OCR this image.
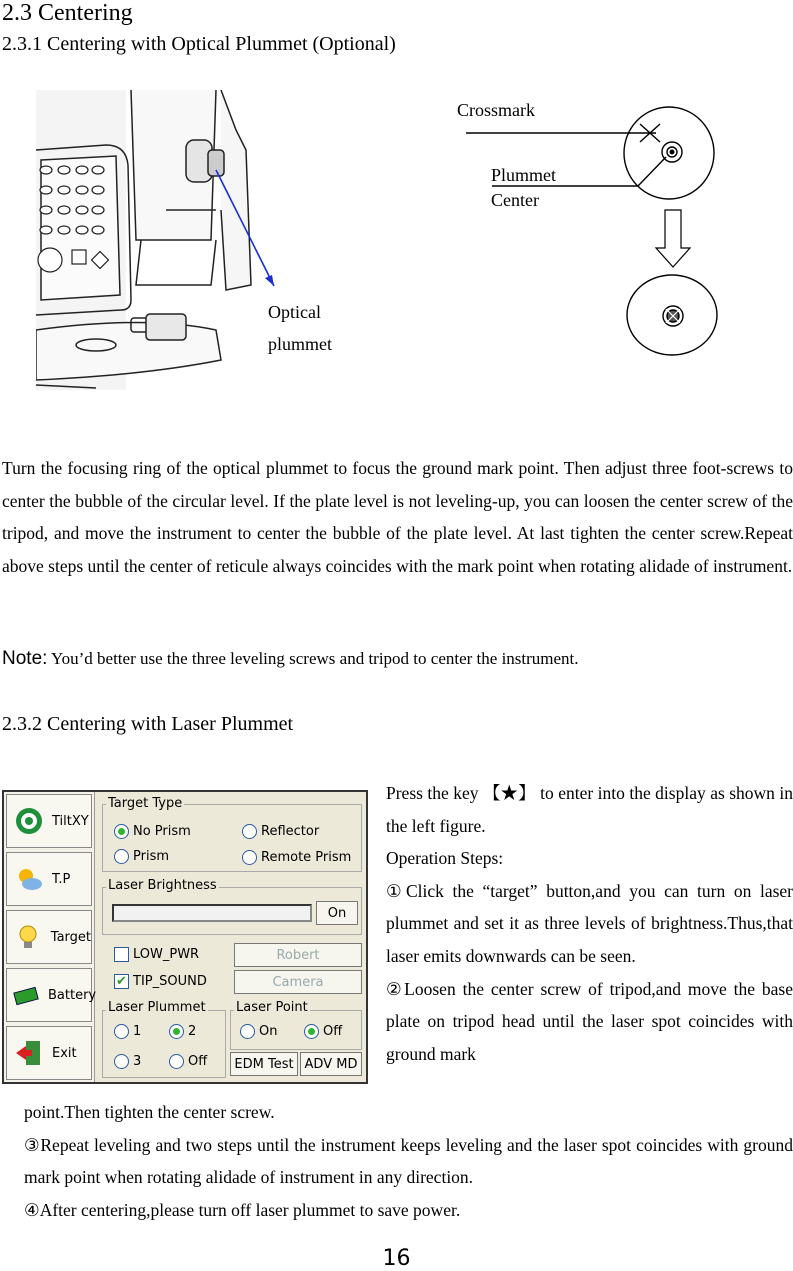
2.3 Centering
2.3.1 Centering with Optical Plummet (Optional)
Optical
plummet
Crossmark
Plummet
Center
Turn the focusing ring of the optical plummet to focus the ground mark point. Then adjust three foot-screws to center the bubble of the circular level. If the plate level is not leveling-up, you can loosen the center screw of the tripod, and move the instrument to center the bubble of the plate level. At last tighten the center screw.Repeat above steps until the center of reticule always coincides with the mark point when rotating alidade of instrument.
Note: You’d better use the three leveling screws and tripod to center the instrument.
2.3.2 Centering with Laser Plummet
TiltXY
T.P
Target
Battery
Exit
Target Type
No Prism	Reflector
Prism	Remote Prism
Laser Brightness
On
LOW_PWR
✔ TIP_SOUND
Robert
Camera
Laser Plummet
1	2
3	Off
Laser Point
On	Off
EDM Test ADV MD
Press the key 【★】 to enter into the display as shown in the left figure.
Operation Steps:
①Click the “target” button,and you can turn on laser plummet and set it as three levels of brightness.Thus,that laser emits downwards can be seen.
②Loosen the center screw of tripod,and move the base plate on tripod head until the laser spot coincides with ground mark
point.Then tighten the center screw.
③Repeat leveling and two steps until the instrument keeps leveling and the laser spot coincides with ground mark point when rotating alidade of instrument in any direction.
④After centering,please turn off laser plummet to save power.
16
